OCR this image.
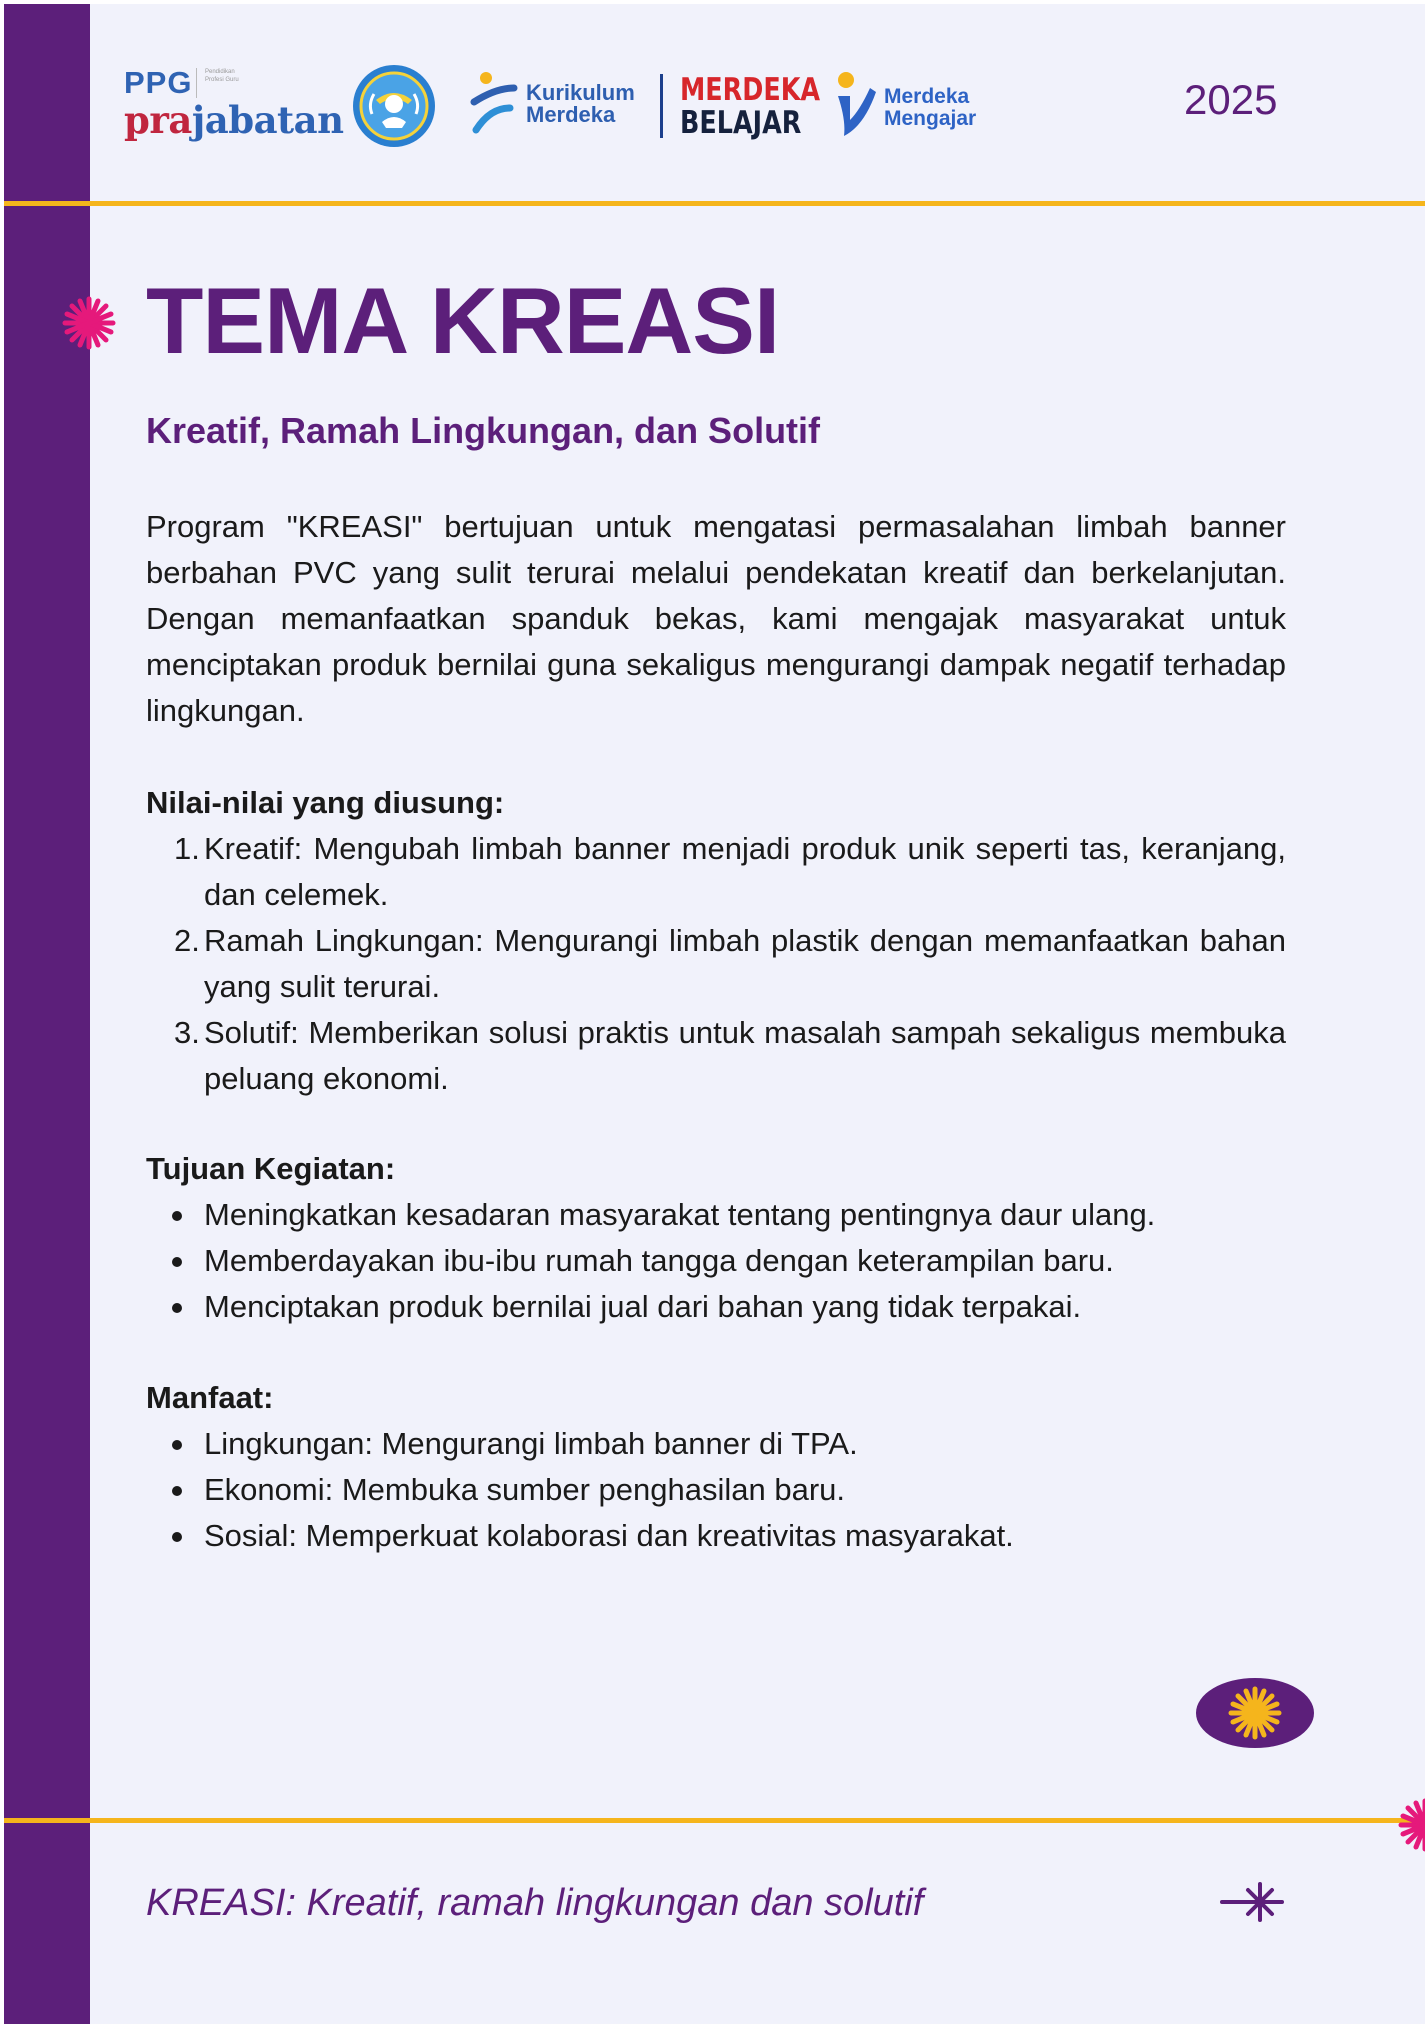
PPG	Pendidikan Profesi Guru
prajabatan
Kurikulum
Merdeka
MERDEKA
BELAJAR
Merdeka
Mengajar	2025
TEMA KREASI
Kreatif, Ramah Lingkungan, dan Solutif

Program "KREASI" bertujuan untuk mengatasi permasalahan limbah banner berbahan PVC yang sulit terurai melalui pendekatan kreatif dan berkelanjutan. Dengan memanfaatkan spanduk bekas, kami mengajak masyarakat untuk menciptakan produk bernilai guna sekaligus mengurangi dampak negatif terhadap lingkungan.

Nilai-nilai yang diusung:
1. Kreatif: Mengubah limbah banner menjadi produk unik seperti tas, keranjang, dan celemek.
2. Ramah Lingkungan: Mengurangi limbah plastik dengan memanfaatkan bahan yang sulit terurai.
3. Solutif: Memberikan solusi praktis untuk masalah sampah sekaligus membuka peluang ekonomi.
Tujuan Kegiatan:
Meningkatkan kesadaran masyarakat tentang pentingnya daur ulang.
Memberdayakan ibu-ibu rumah tangga dengan keterampilan baru.
Menciptakan produk bernilai jual dari bahan yang tidak terpakai.
Manfaat:
Lingkungan: Mengurangi limbah banner di TPA.
Ekonomi: Membuka sumber penghasilan baru.
Sosial: Memperkuat kolaborasi dan kreativitas masyarakat.

KREASI: Kreatif, ramah lingkungan dan solutif
